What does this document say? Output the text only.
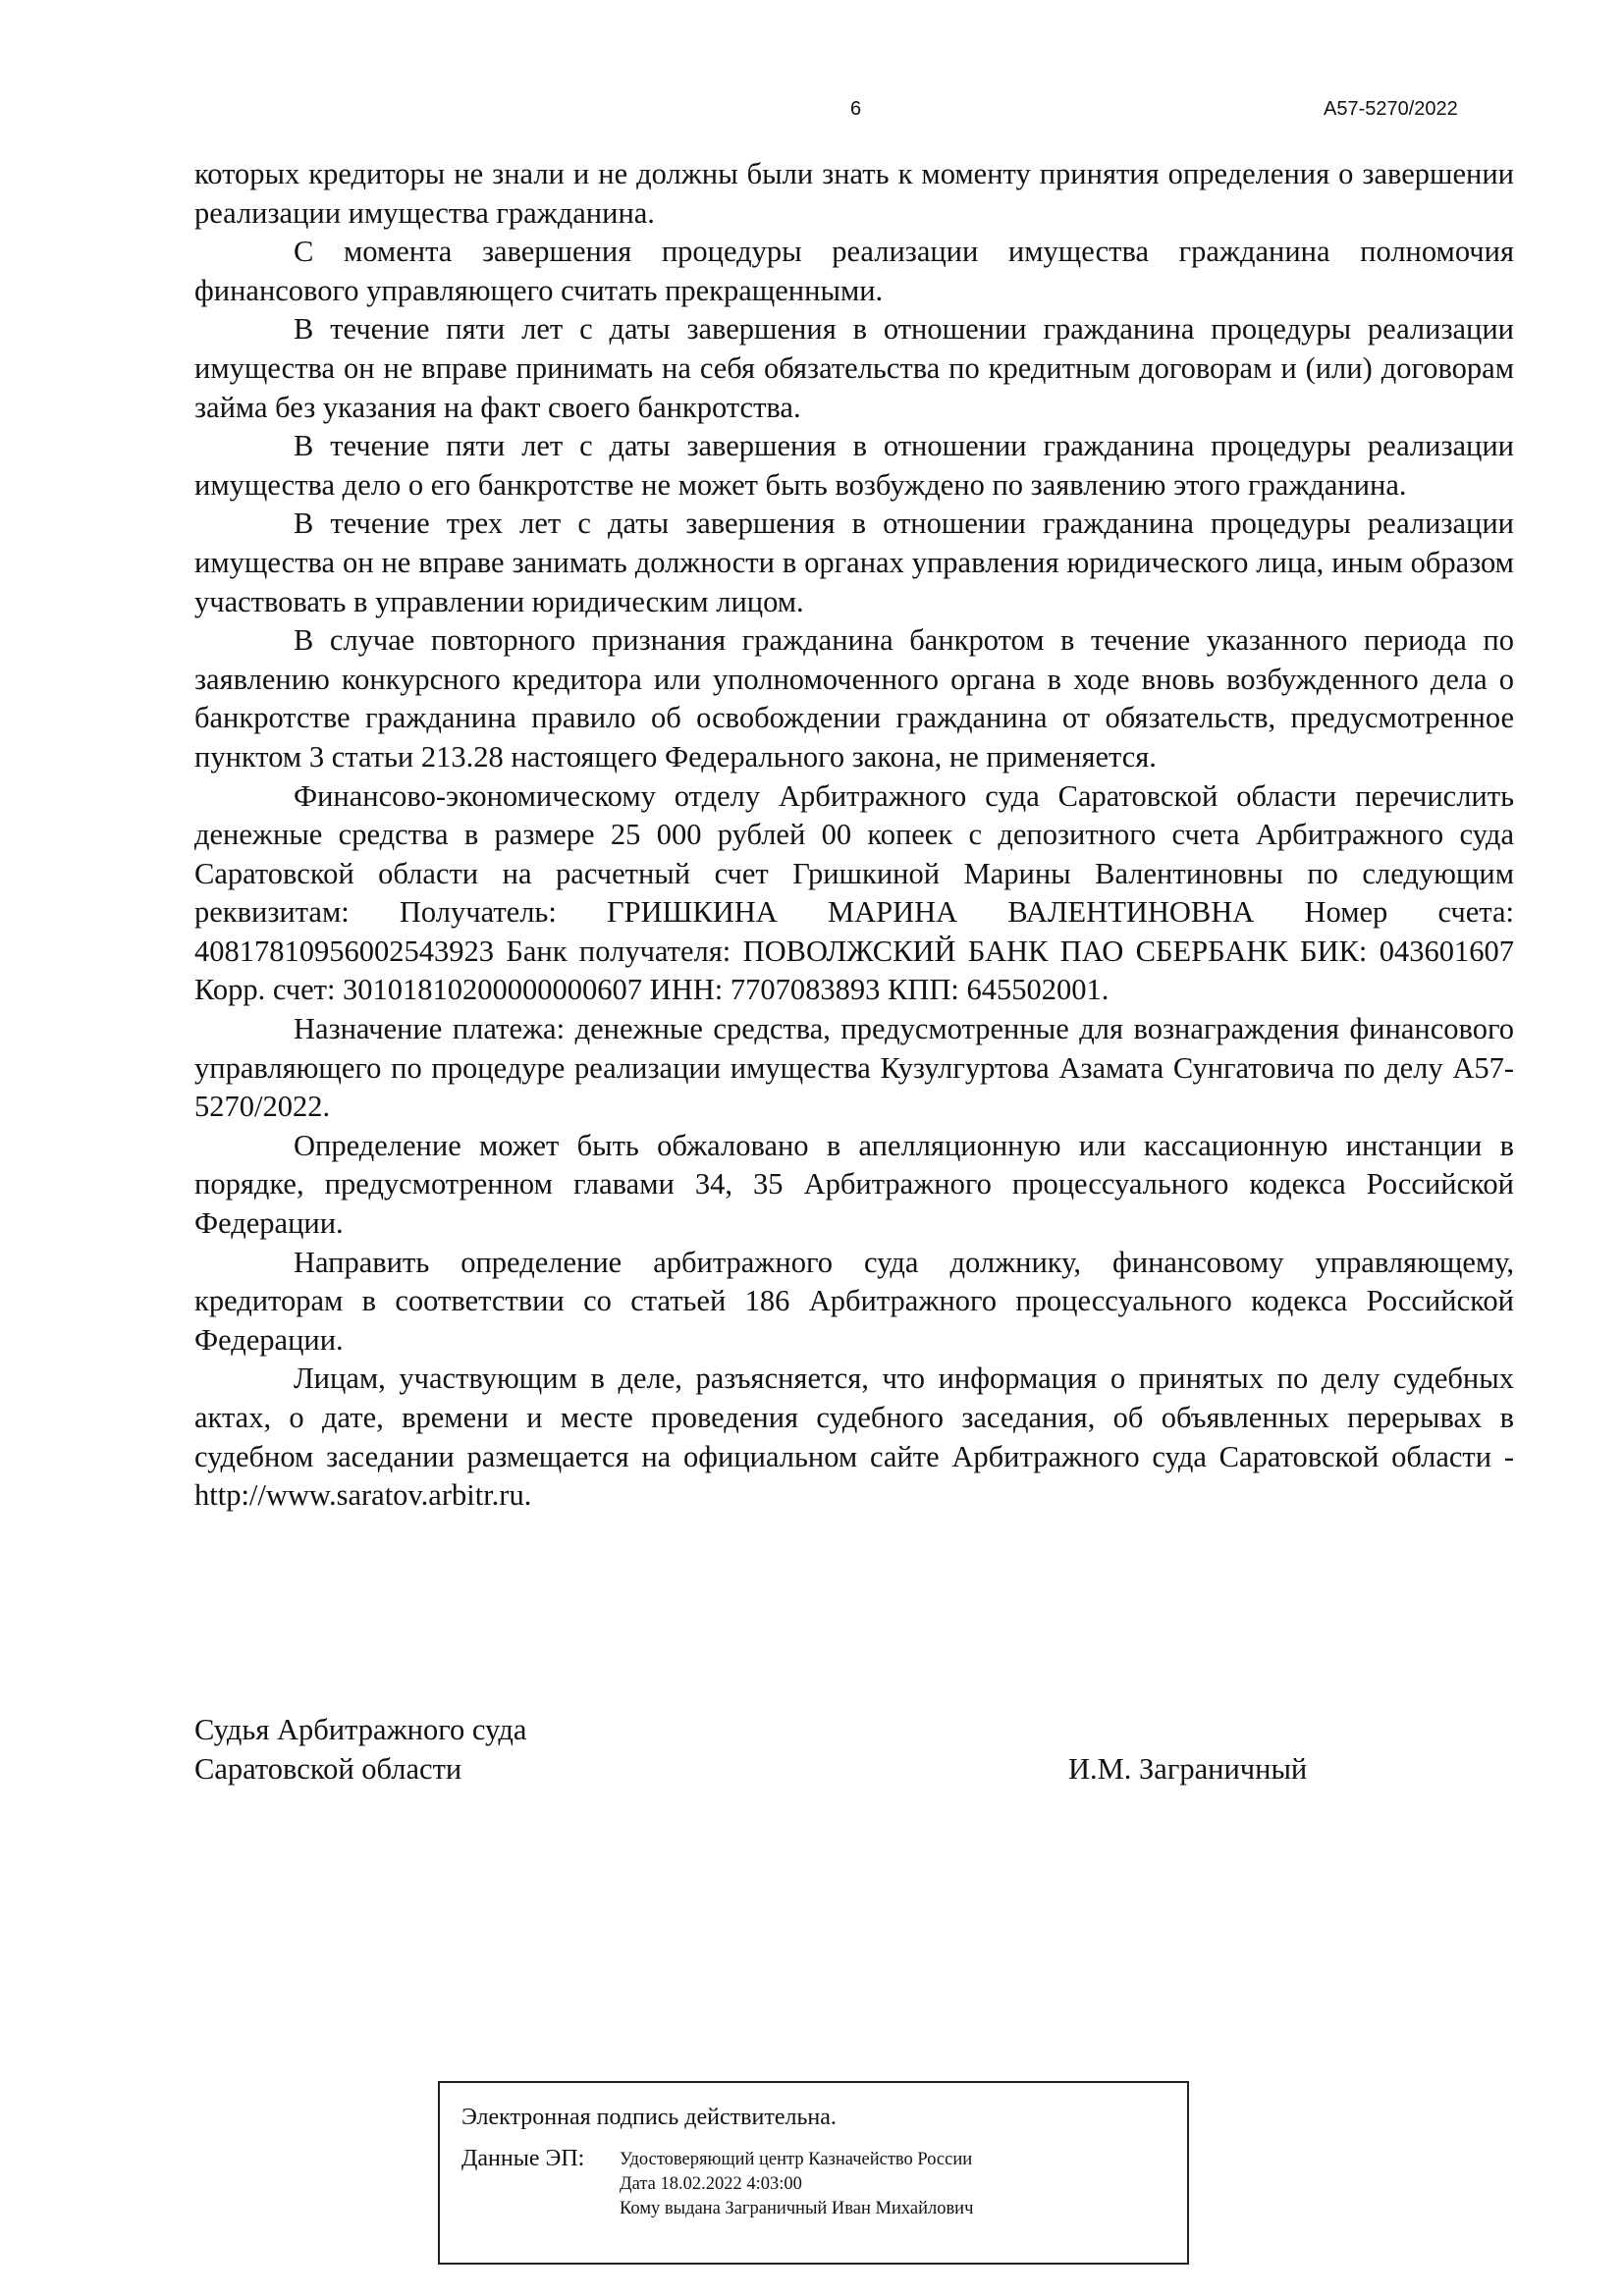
6	А57-5270/2022

которых кредиторы не знали и не должны были знать к моменту принятия определения о завершении реализации имущества гражданина.

С момента завершения процедуры реализации имущества гражданина полномочия финансового управляющего считать прекращенными.

В течение пяти лет с даты завершения в отношении гражданина процедуры реализации имущества он не вправе принимать на себя обязательства по кредитным договорам и (или) договорам займа без указания на факт своего банкротства.

В течение пяти лет с даты завершения в отношении гражданина процедуры реализации имущества дело о его банкротстве не может быть возбуждено по заявлению этого гражданина.

В течение трех лет с даты завершения в отношении гражданина процедуры реализации имущества он не вправе занимать должности в органах управления юридического лица, иным образом участвовать в управлении юридическим лицом.

В случае повторного признания гражданина банкротом в течение указанного периода по заявлению конкурсного кредитора или уполномоченного органа в ходе вновь возбужденного дела о банкротстве гражданина правило об освобождении гражданина от обязательств, предусмотренное пунктом 3 статьи 213.28 настоящего Федерального закона, не применяется.

Финансово-экономическому отделу Арбитражного суда Саратовской области перечислить денежные средства в размере 25 000 рублей 00 копеек с депозитного счета Арбитражного суда Саратовской области на расчетный счет Гришкиной Марины Валентиновны по следующим реквизитам: Получатель: ГРИШКИНА МАРИНА ВАЛЕНТИНОВНА Номер счета: 40817810956002543923 Банк получателя: ПОВОЛЖСКИЙ БАНК ПАО СБЕРБАНК БИК: 043601607 Корр. счет: 30101810200000000607 ИНН: 7707083893 КПП: 645502001.

Назначение платежа: денежные средства, предусмотренные для вознаграждения финансового управляющего по процедуре реализации имущества Кузулгуртова Азамата Сунгатовича по делу А57-5270/2022.

Определение может быть обжаловано в апелляционную или кассационную инстанции в порядке, предусмотренном главами 34, 35 Арбитражного процессуального кодекса Российской Федерации.

Направить определение арбитражного суда должнику, финансовому управляющему, кредиторам в соответствии со статьей 186 Арбитражного процессуального кодекса Российской Федерации.

Лицам, участвующим в деле, разъясняется, что информация о принятых по делу судебных актах, о дате, времени и месте проведения судебного заседания, об объявленных перерывах в судебном заседании размещается на официальном сайте Арбитражного суда Саратовской области - http://www.saratov.arbitr.ru.

Судья Арбитражного суда
Саратовской области	И.М. Заграничный
Электронная подпись действительна.
Данные ЭП: Удостоверяющий центр Казначейство России
Дата 18.02.2022 4:03:00
Кому выдана Заграничный Иван Михайлович
